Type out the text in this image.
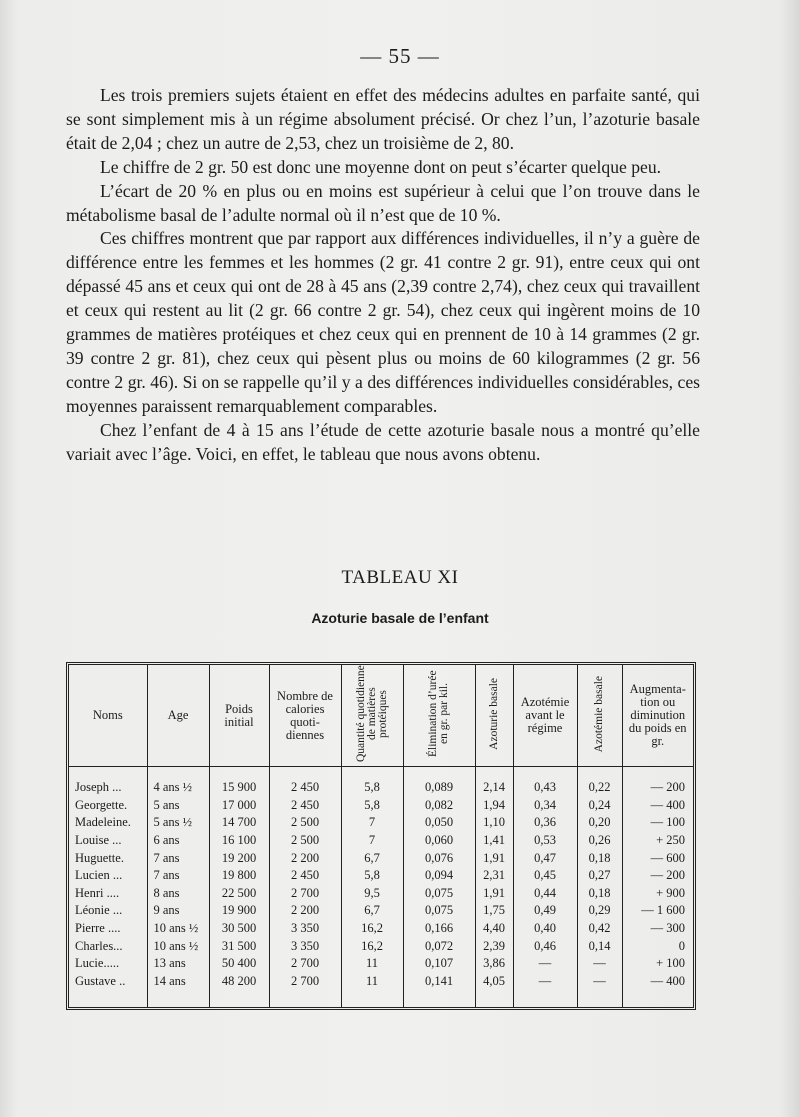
— 55 —

Les trois premiers sujets étaient en effet des médecins adultes en parfaite santé, qui se sont simplement mis à un régime absolument précisé. Or chez l’un, l’azoturie basale était de 2,04 ; chez un autre de 2,53, chez un troisième de 2, 80.

Le chiffre de 2 gr. 50 est donc une moyenne dont on peut s’écarter quelque peu.

L’écart de 20 % en plus ou en moins est supérieur à celui que l’on trouve dans le métabolisme basal de l’adulte normal où il n’est que de 10 %.

Ces chiffres montrent que par rapport aux différences individuelles, il n’y a guère de différence entre les femmes et les hommes (2 gr. 41 contre 2 gr. 91), entre ceux qui ont dépassé 45 ans et ceux qui ont de 28 à 45 ans (2,39 contre 2,74), chez ceux qui travaillent et ceux qui restent au lit (2 gr. 66 contre 2 gr. 54), chez ceux qui ingèrent moins de 10 grammes de matières protéiques et chez ceux qui en prennent de 10 à 14 grammes (2 gr. 39 contre 2 gr. 81), chez ceux qui pèsent plus ou moins de 60 kilogrammes (2 gr. 56 contre 2 gr. 46). Si on se rappelle qu’il y a des différences individuelles considérables, ces moyennes paraissent remarquablement comparables.

Chez l’enfant de 4 à 15 ans l’étude de cette azoturie basale nous a montré qu’elle variait avec l’âge. Voici, en effet, le tableau que nous avons obtenu.

TABLEAU XI
Azoturie basale de l’enfant
Noms	Age	Poids initial	Nombre de calories quoti-diennes	Quantité quotidienne de matières protéiques	Élimination d’urée en gr. par kil.	Azoturie basale	Azotémie avant le régime	Azotémie basale	Augmenta-tion ou diminution du poids en gr.
Joseph ...	4 ans ½	15 900	2 450	5,8	0,089	2,14	0,43	0,22	— 200
Georgette.	5 ans	17 000	2 450	5,8	0,082	1,94	0,34	0,24	— 400
Madeleine.	5 ans ½	14 700	2 500	7	0,050	1,10	0,36	0,20	— 100
Louise ...	6 ans	16 100	2 500	7	0,060	1,41	0,53	0,26	+ 250
Huguette.	7 ans	19 200	2 200	6,7	0,076	1,91	0,47	0,18	— 600
Lucien ...	7 ans	19 800	2 450	5,8	0,094	2,31	0,45	0,27	— 200
Henri ....	8 ans	22 500	2 700	9,5	0,075	1,91	0,44	0,18	+ 900
Léonie ...	9 ans	19 900	2 200	6,7	0,075	1,75	0,49	0,29	— 1 600
Pierre ....	10 ans ½	30 500	3 350	16,2	0,166	4,40	0,40	0,42	— 300
Charles...	10 ans ½	31 500	3 350	16,2	0,072	2,39	0,46	0,14	0
Lucie.....	13 ans	50 400	2 700	11	0,107	3,86	—	—	+ 100
Gustave ..	14 ans	48 200	2 700	11	0,141	4,05	—	—	— 400
